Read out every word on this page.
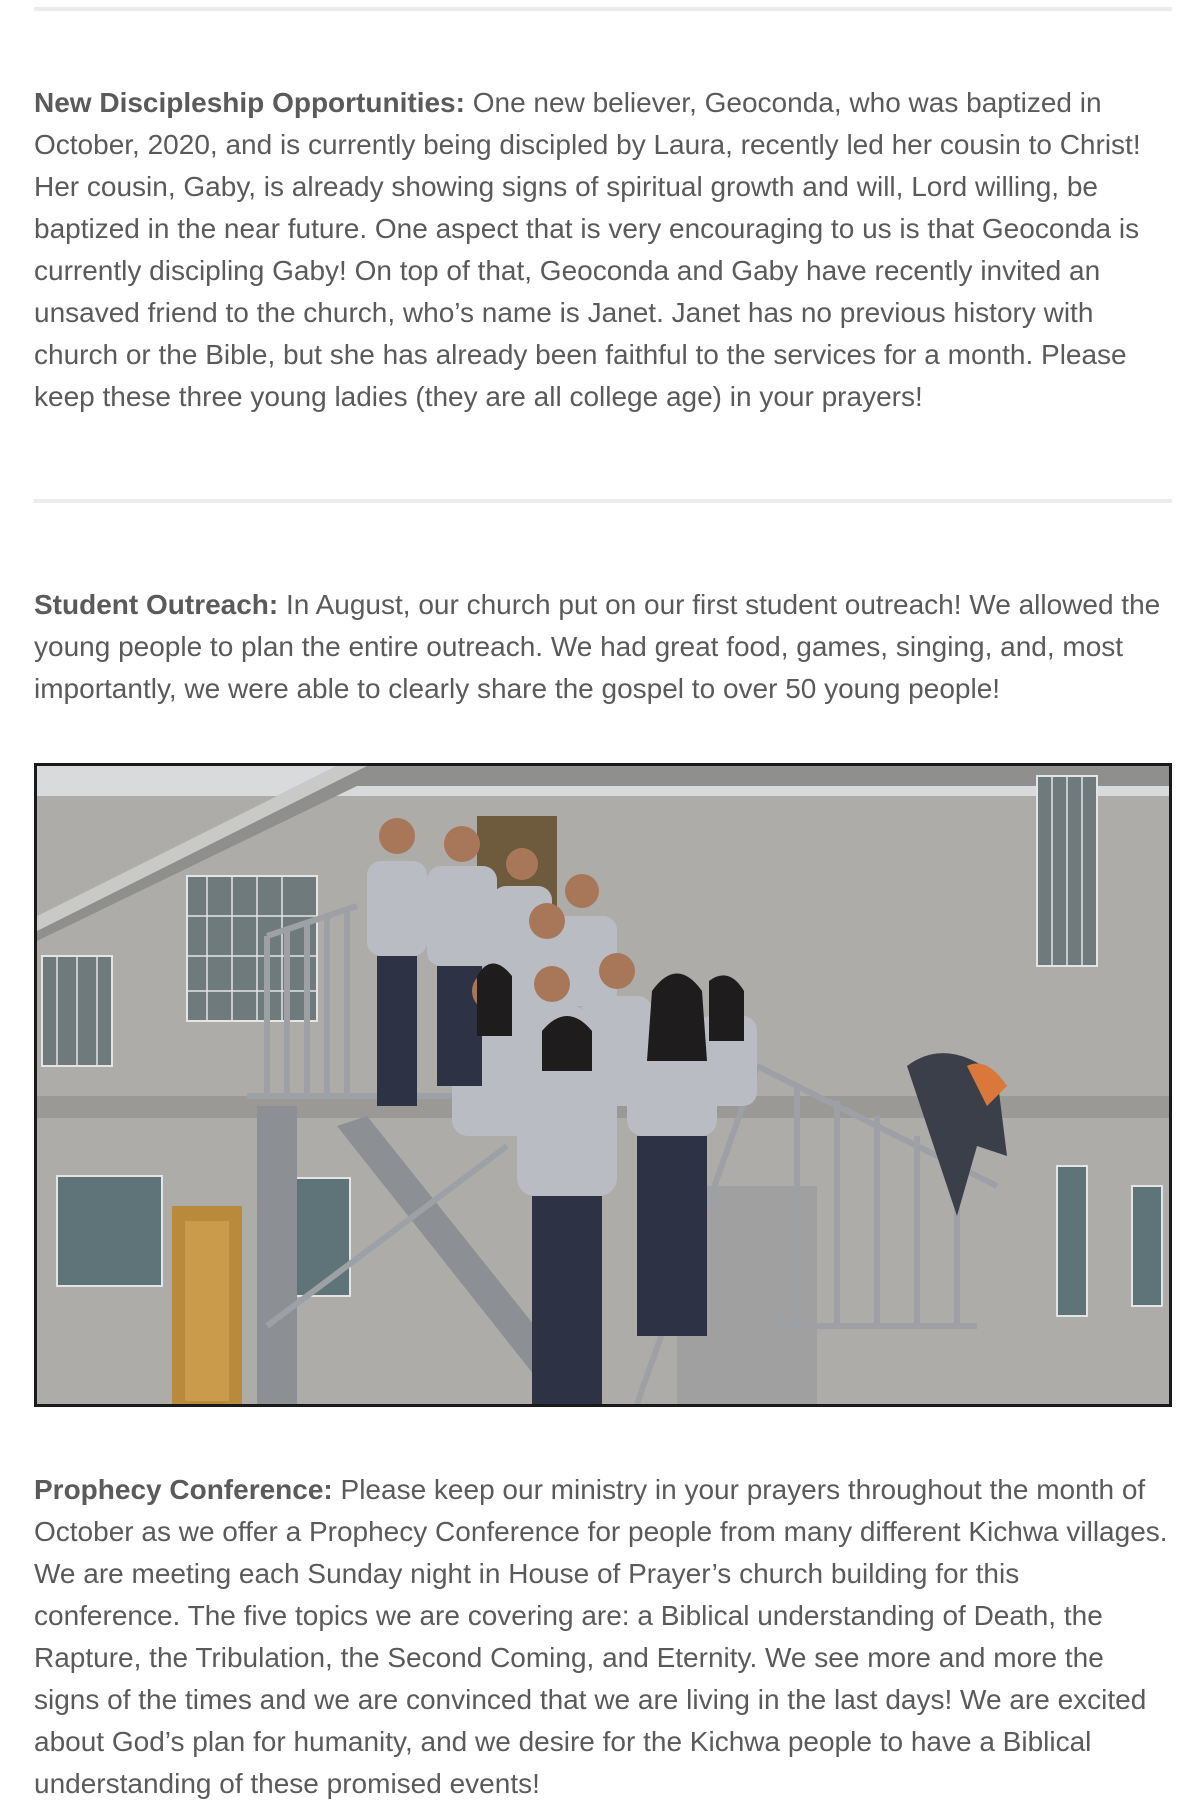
New Discipleship Opportunities: One new believer, Geoconda, who was baptized in October, 2020, and is currently being discipled by Laura, recently led her cousin to Christ! Her cousin, Gaby, is already showing signs of spiritual growth and will, Lord willing, be baptized in the near future. One aspect that is very encouraging to us is that Geoconda is currently discipling Gaby! On top of that, Geoconda and Gaby have recently invited an unsaved friend to the church, who’s name is Janet. Janet has no previous history with church or the Bible, but she has already been faithful to the services for a month. Please keep these three young ladies (they are all college age) in your prayers!

Student Outreach: In August, our church put on our first student outreach! We allowed the young people to plan the entire outreach. We had great food, games, singing, and, most importantly, we were able to clearly share the gospel to over 50 young people!

Prophecy Conference: Please keep our ministry in your prayers throughout the month of October as we offer a Prophecy Conference for people from many different Kichwa villages. We are meeting each Sunday night in House of Prayer’s church building for this conference. The five topics we are covering are: a Biblical understanding of Death, the Rapture, the Tribulation, the Second Coming, and Eternity. We see more and more the signs of the times and we are convinced that we are living in the last days! We are excited about God’s plan for humanity, and we desire for the Kichwa people to have a Biblical understanding of these promised events!
